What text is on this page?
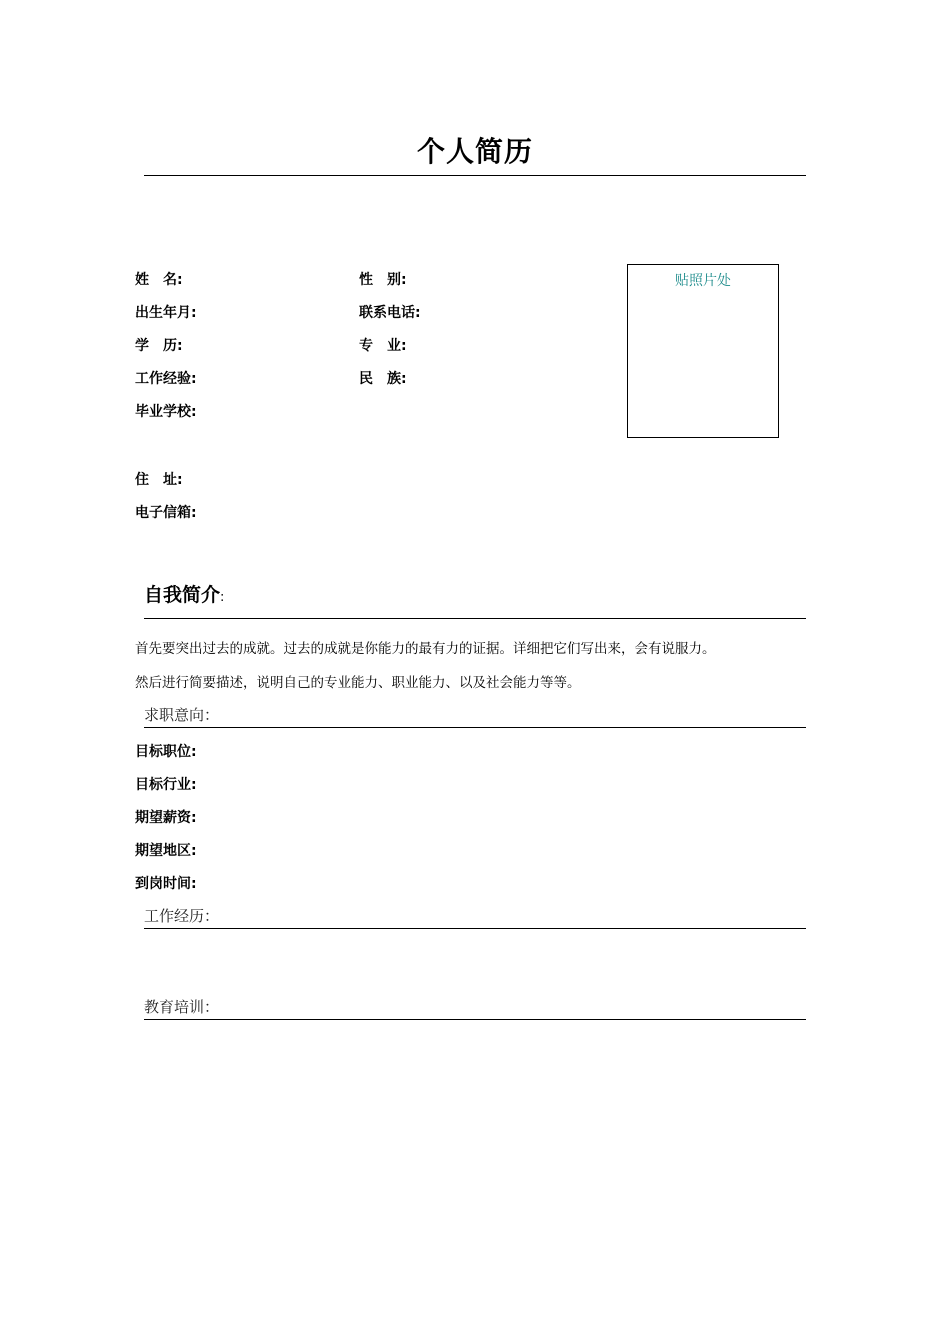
个人简历
姓　名:	性　别:
出生年月:	联系电话:
学　历:	专　业:
工作经验:	民　族:
毕业学校:
住　址:
电子信箱:
贴照片处
自我简介:
首先要突出过去的成就。过去的成就是你能力的最有力的证据。详细把它们写出来，会有说服力。
然后进行简要描述，说明自己的专业能力、职业能力、以及社会能力等等。
求职意向：
目标职位:
目标行业:
期望薪资:
期望地区:
到岗时间:
工作经历：
教育培训：
